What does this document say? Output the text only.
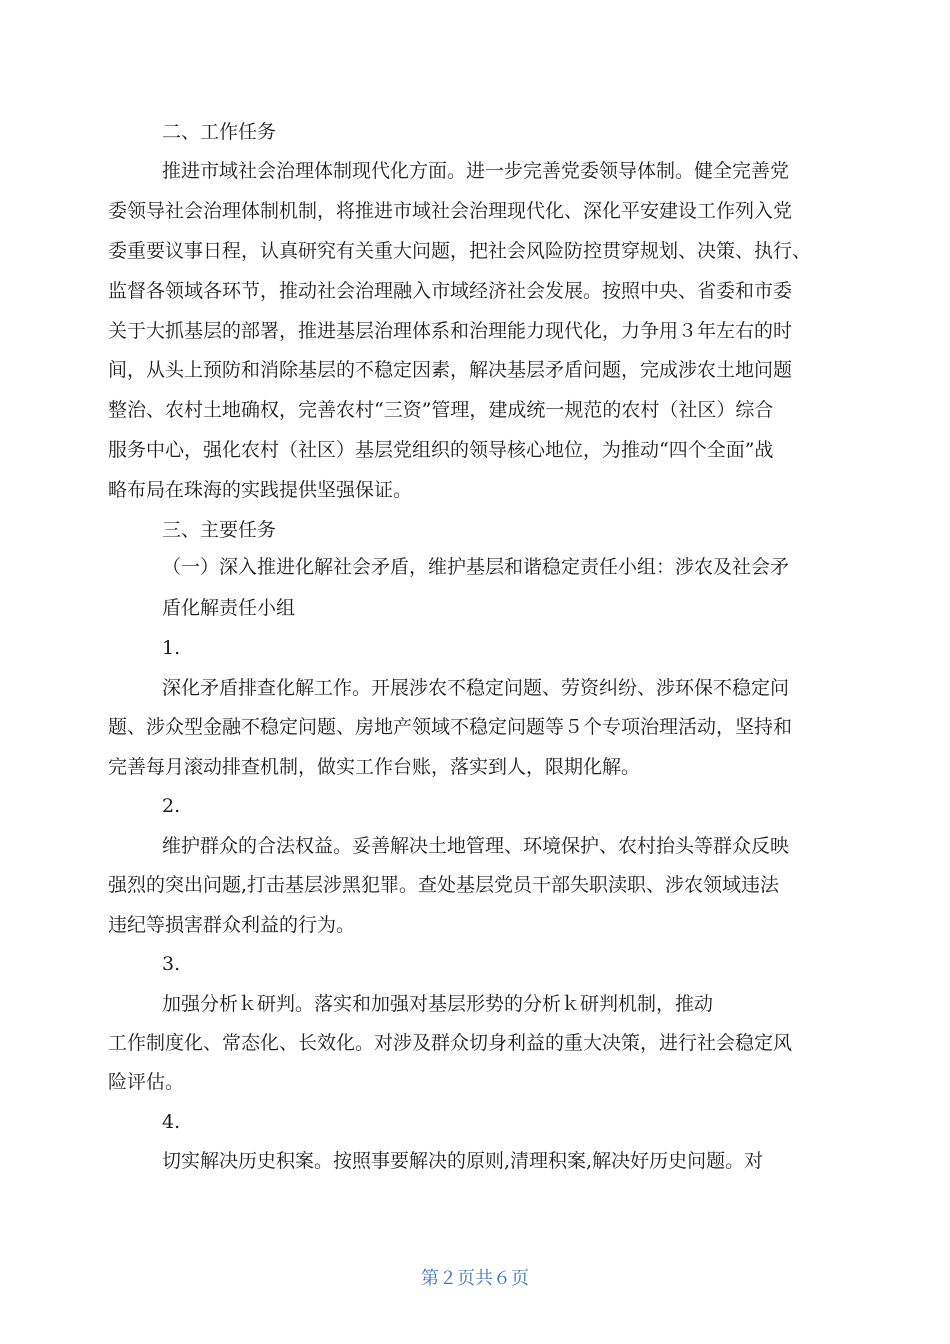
二、工作任务
推进市域社会治理体制现代化方面。进一步完善党委领导体制。健全完善党
委领导社会治理体制机制，将推进市域社会治理现代化、深化平安建设工作列入党
委重要议事日程，认真研究有关重大问题，把社会风险防控贯穿规划、决策、执行、
监督各领域各环节，推动社会治理融入市域经济社会发展。按照中央、省委和市委
关于大抓基层的部署，推进基层治理体系和治理能力现代化，力争用３年左右的时
间，从头上预防和消除基层的不稳定因素，解决基层矛盾问题，完成涉农土地问题
整治、农村土地确权，完善农村“三资”管理，建成统一规范的农村（社区）综合
服务中心，强化农村（社区）基层党组织的领导核心地位，为推动“四个全面”战
略布局在珠海的实践提供坚强保证。
三、主要任务
（一）深入推进化解社会矛盾，维护基层和谐稳定责任小组：涉农及社会矛
盾化解责任小组
1.
深化矛盾排查化解工作。开展涉农不稳定问题、劳资纠纷、涉环保不稳定问
题、涉众型金融不稳定问题、房地产领域不稳定问题等５个专项治理活动，坚持和
完善每月滚动排查机制，做实工作台账，落实到人，限期化解。
2.
维护群众的合法权益。妥善解决土地管理、环境保护、农村抬头等群众反映
强烈的突出问题,打击基层涉黑犯罪。查处基层党员干部失职渎职、涉农领域违法
违纪等损害群众利益的行为。
3.
加强分析ｋ研判。落实和加强对基层形势的分析ｋ研判机制，推动
工作制度化、常态化、长效化。对涉及群众切身利益的重大决策，进行社会稳定风
险评估。
4.
切实解决历史积案。按照事要解决的原则,清理积案,解决好历史问题。对
第２页共６页
